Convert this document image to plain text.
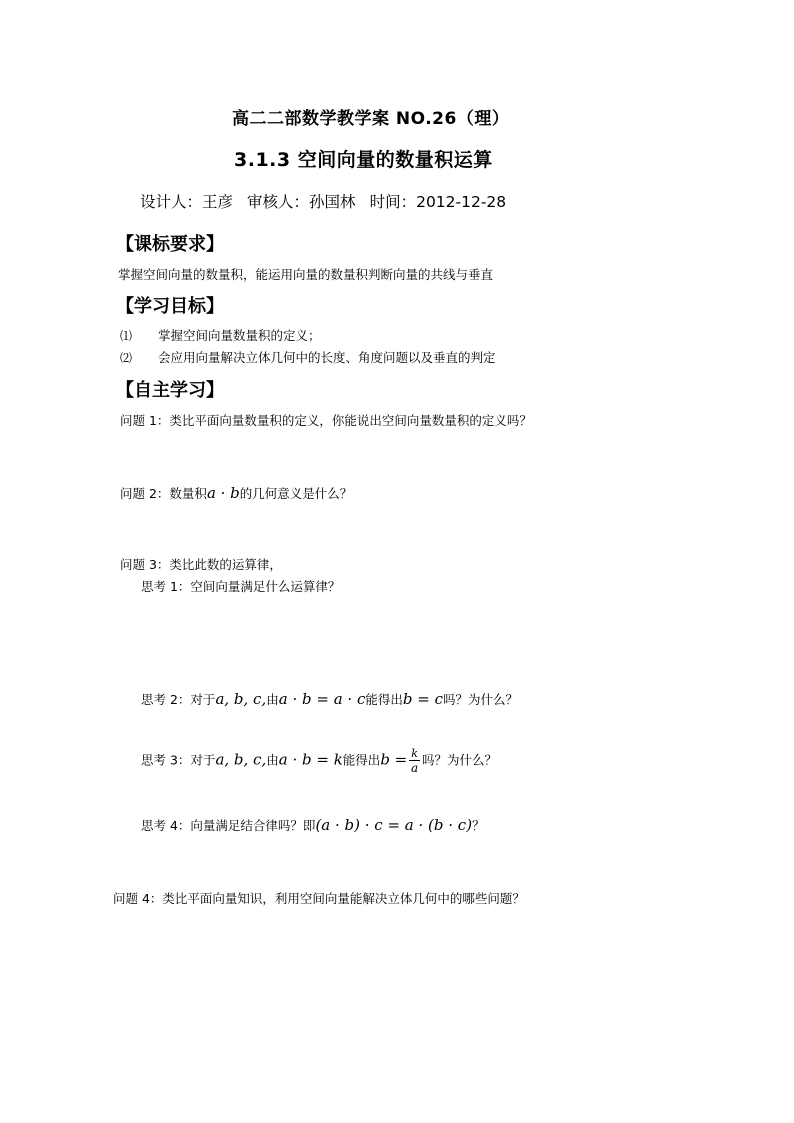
高二二部数学教学案 NO.26（理）
3.1.3 空间向量的数量积运算
设计人：王彦 审核人：孙国林 时间：2012-12-28
【课标要求】
掌握空间向量的数量积，能运用向量的数量积判断向量的共线与垂直
【学习目标】
⑴ 掌握空间向量数量积的定义；
⑵ 会应用向量解决立体几何中的长度、角度问题以及垂直的判定
【自主学习】
问题 1：类比平面向量数量积的定义，你能说出空间向量数量积的定义吗？
问题 2：数量积a · b的几何意义是什么？
问题 3：类比此数的运算律，
思考 1：空间向量满足什么运算律？
思考 2：对于a, b, c,由a · b = a · c能得出b = c吗？为什么？
思考 3：对于a, b, c,由a · b = k能得出$b = \frac{k}{a}$ 吗？为什么？
思考 4：向量满足结合律吗？即(a · b) · c = a · (b · c)？
问题 4：类比平面向量知识，利用空间向量能解决立体几何中的哪些问题？
